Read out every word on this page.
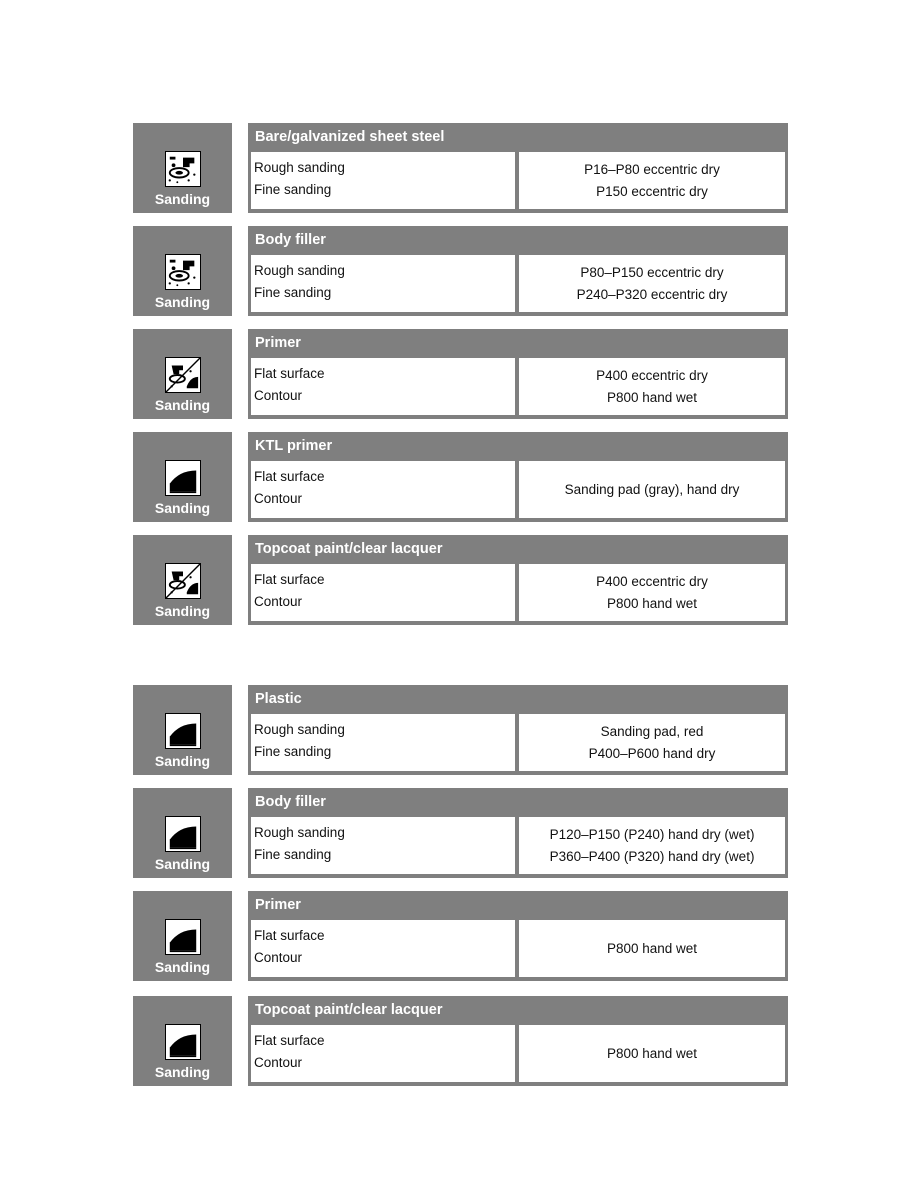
Sanding
Bare/galvanized sheet steel
Rough sanding
Fine sanding
P16–P80 eccentric dry
P150 eccentric dry
Sanding
Body filler
Rough sanding
Fine sanding
P80–P150 eccentric dry
P240–P320 eccentric dry
Sanding
Primer
Flat surface
Contour
P400 eccentric dry
P800 hand wet
Sanding
KTL primer
Flat surface
Contour
Sanding pad (gray), hand dry
Sanding
Topcoat paint/clear lacquer
Flat surface
Contour
P400 eccentric dry
P800 hand wet
Sanding
Plastic
Rough sanding
Fine sanding
Sanding pad, red
P400–P600 hand dry
Sanding
Body filler
Rough sanding
Fine sanding
P120–P150 (P240) hand dry (wet)
P360–P400 (P320) hand dry (wet)
Sanding
Primer
Flat surface
Contour
P800 hand wet
Sanding
Topcoat paint/clear lacquer
Flat surface
Contour
P800 hand wet
